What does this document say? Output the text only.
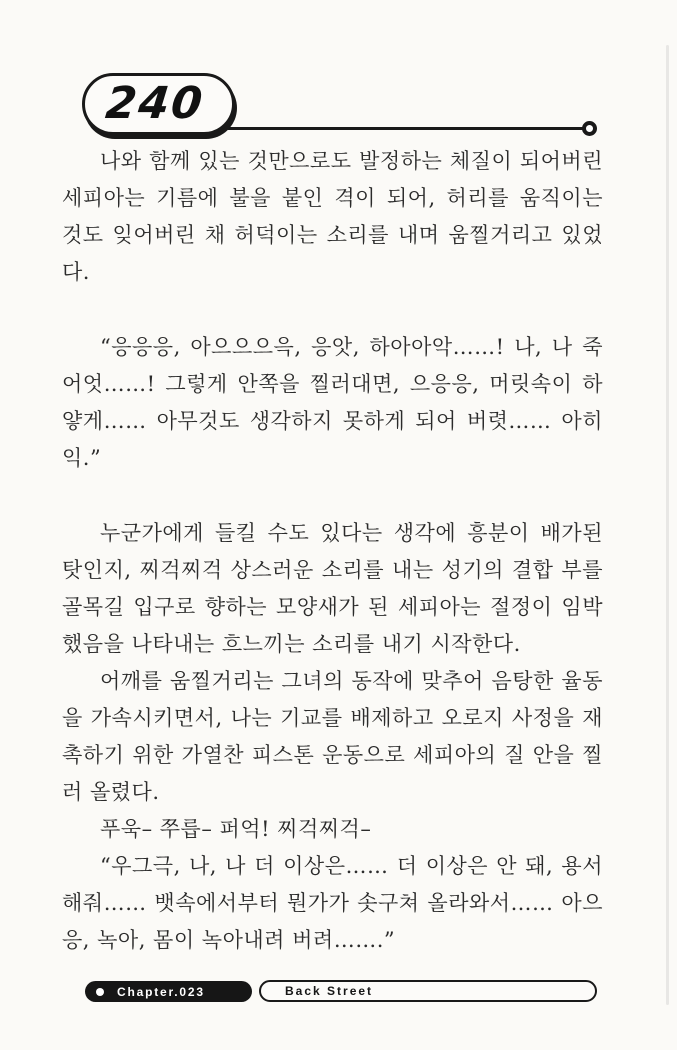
240

나와 함께 있는 것만으로도 발정하는 체질이 되어버린 세피아는 기름에 불을 붙인 격이 되어, 허리를 움직이는 것도 잊어버린 채 허덕이는 소리를 내며 움찔거리고 있었다.

“응응응, 아으으으윽, 응앗, 하아아악……! 나, 나 죽어엇……! 그렇게 안쪽을 찔러대면, 으응응, 머릿속이 하얗게…… 아무것도 생각하지 못하게 되어 버렷…… 아히익.”

누군가에게 들킬 수도 있다는 생각에 흥분이 배가된 탓인지, 찌걱찌걱 상스러운 소리를 내는 성기의 결합 부를 골목길 입구로 향하는 모양새가 된 세피아는 절정이 임박했음을 나타내는 흐느끼는 소리를 내기 시작한다.

어깨를 움찔거리는 그녀의 동작에 맞추어 음탕한 율동을 가속시키면서, 나는 기교를 배제하고 오로지 사정을 재촉하기 위한 가열찬 피스톤 운동으로 세피아의 질 안을 찔러 올렸다.

푸욱– 쭈릅– 퍼억! 찌걱찌걱–

“우그극, 나, 나 더 이상은…… 더 이상은 안 돼, 용서해줘…… 뱃속에서부터 뭔가가 솟구쳐 올라와서…… 아으응, 녹아, 몸이 녹아내려 버려…….”

Chapter.023	Back Street
